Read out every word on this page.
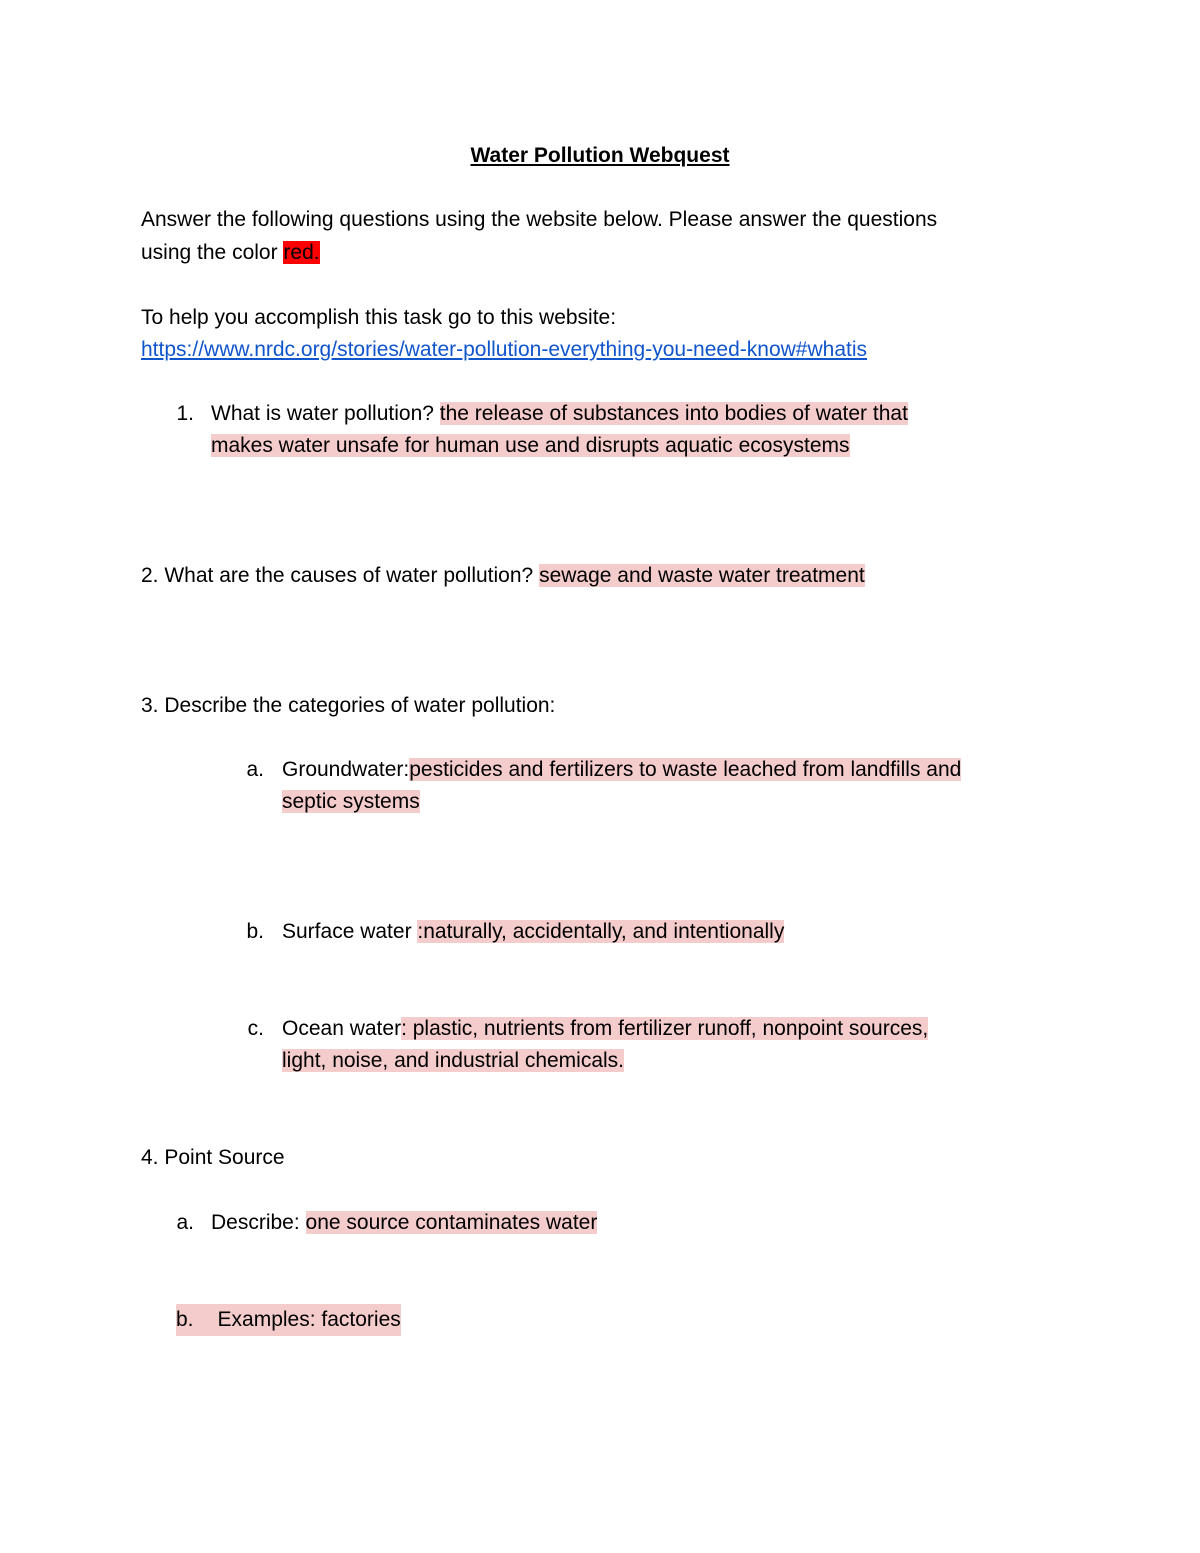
Water Pollution Webquest
Answer the following questions using the website below. Please answer the questions
using the color red.
To help you accomplish this task go to this website:
https://www.nrdc.org/stories/water-pollution-everything-you-need-know#whatis
1. What is water pollution? the release of substances into bodies of water that
makes water unsafe for human use and disrupts aquatic ecosystems
2. What are the causes of water pollution? sewage and waste water treatment
3. Describe the categories of water pollution:
a. Groundwater:pesticides and fertilizers to waste leached from landfills and
septic systems
b. Surface water :naturally, accidentally, and intentionally
c. Ocean water: plastic, nutrients from fertilizer runoff, nonpoint sources,
light, noise, and industrial chemicals.
4. Point Source
a. Describe: one source contaminates water
b. Examples: factories
